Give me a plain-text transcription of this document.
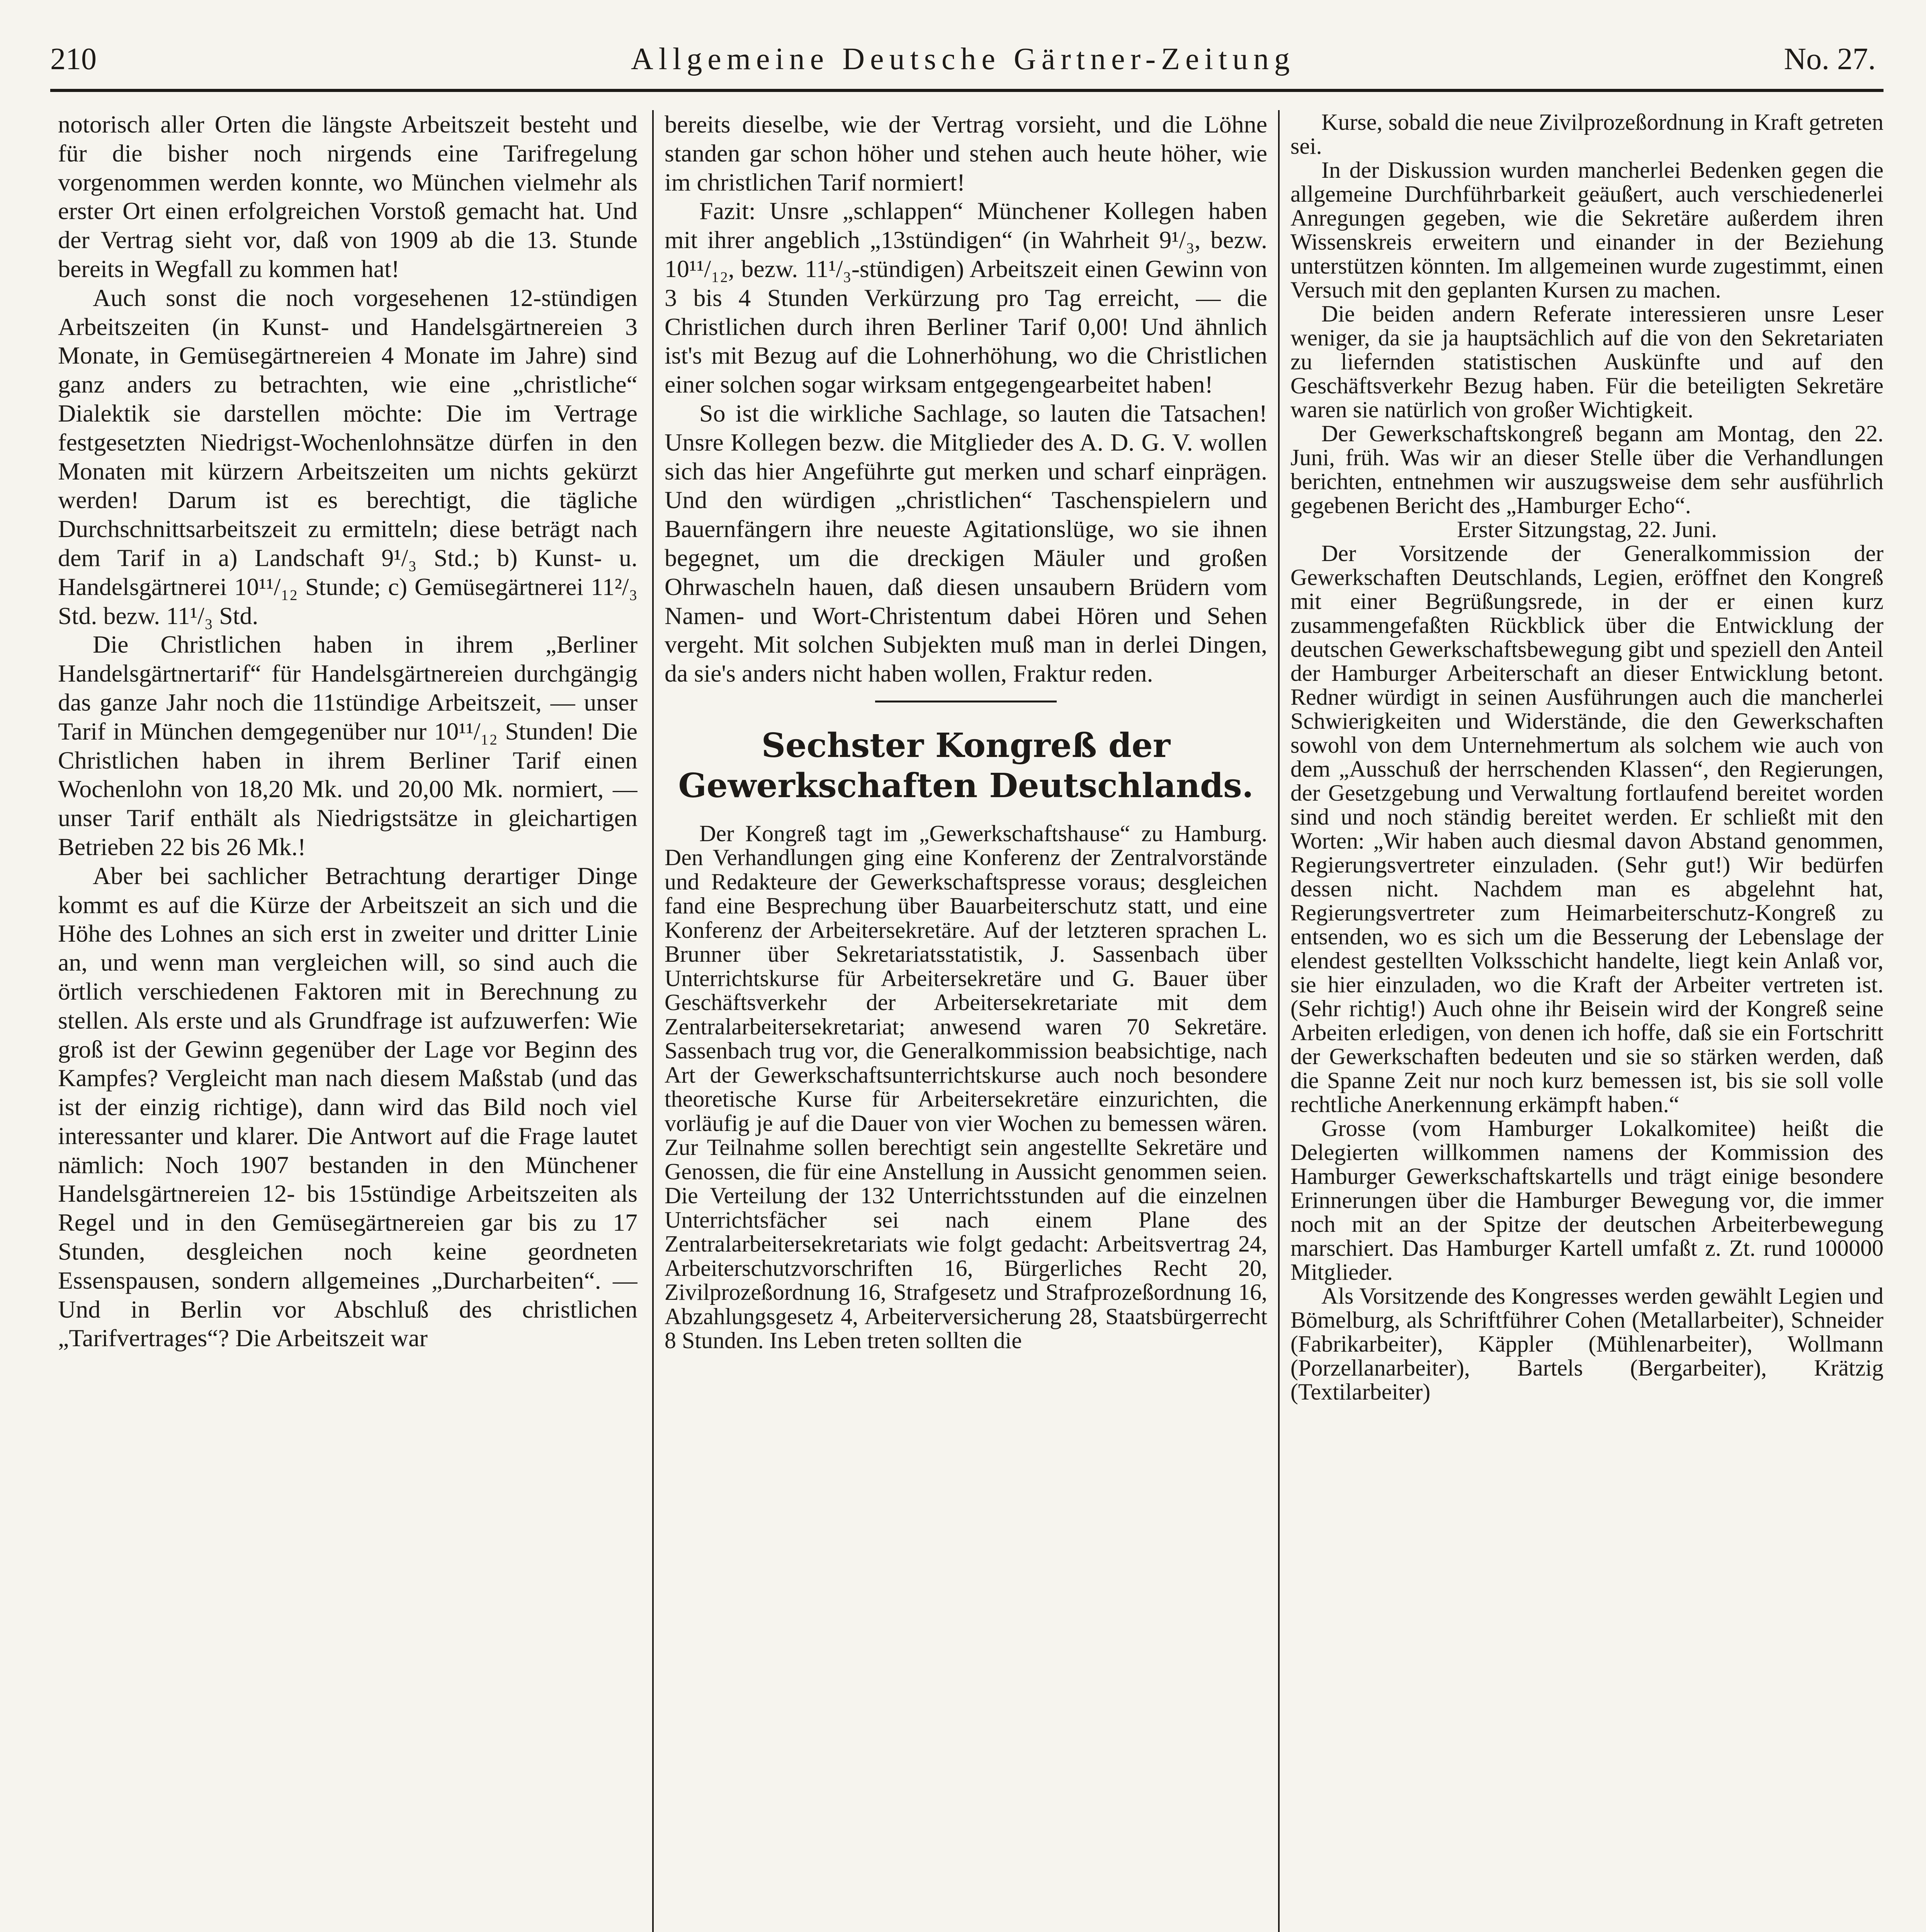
210	Allgemeine Deutsche Gärtner-Zeitung	No. 27.

notorisch aller Orten die längste Arbeitszeit besteht und für die bisher noch nirgends eine Tarifregelung vorgenommen werden konnte, wo München vielmehr als erster Ort einen erfolgreichen Vorstoß gemacht hat. Und der Vertrag sieht vor, daß von 1909 ab die 13. Stunde bereits in Wegfall zu kommen hat!

Auch sonst die noch vorgesehenen 12-stündigen Arbeitszeiten (in Kunst- und Handelsgärtnereien 3 Monate, in Gemüsegärtnereien 4 Monate im Jahre) sind ganz anders zu betrachten, wie eine „christliche“ Dialektik sie darstellen möchte: Die im Vertrage festgesetzten Niedrigst-Wochenlohnsätze dürfen in den Monaten mit kürzern Arbeitszeiten um nichts gekürzt werden! Darum ist es berechtigt, die tägliche Durchschnittsarbeitszeit zu ermitteln; diese beträgt nach dem Tarif in a) Landschaft 9¹/₃ Std.; b) Kunst- u. Handelsgärtnerei 10¹¹/₁₂ Stunde; c) Gemüsegärtnerei 11²/₃ Std. bezw. 11¹/₃ Std.

Die Christlichen haben in ihrem „Berliner Handelsgärtnertarif“ für Handelsgärtnereien durchgängig das ganze Jahr noch die 11stündige Arbeitszeit, — unser Tarif in München demgegenüber nur 10¹¹/₁₂ Stunden! Die Christlichen haben in ihrem Berliner Tarif einen Wochenlohn von 18,20 Mk. und 20,00 Mk. normiert, — unser Tarif enthält als Niedrigstsätze in gleichartigen Betrieben 22 bis 26 Mk.!

Aber bei sachlicher Betrachtung derartiger Dinge kommt es auf die Kürze der Arbeitszeit an sich und die Höhe des Lohnes an sich erst in zweiter und dritter Linie an, und wenn man vergleichen will, so sind auch die örtlich verschiedenen Faktoren mit in Berechnung zu stellen. Als erste und als Grundfrage ist aufzuwerfen: Wie groß ist der Gewinn gegenüber der Lage vor Beginn des Kampfes? Vergleicht man nach diesem Maßstab (und das ist der einzig richtige), dann wird das Bild noch viel interessanter und klarer. Die Antwort auf die Frage lautet nämlich: Noch 1907 bestanden in den Münchener Handelsgärtnereien 12- bis 15stündige Arbeitszeiten als Regel und in den Gemüsegärtnereien gar bis zu 17 Stunden, desgleichen noch keine geordneten Essenspausen, sondern allgemeines „Durcharbeiten“. — Und in Berlin vor Abschluß des christlichen „Tarifvertrages“? Die Arbeitszeit war

bereits dieselbe, wie der Vertrag vorsieht, und die Löhne standen gar schon höher und stehen auch heute höher, wie im christlichen Tarif normiert!

Fazit: Unsre „schlappen“ Münchener Kollegen haben mit ihrer angeblich „13stündigen“ (in Wahrheit 9¹/₃, bezw. 10¹¹/₁₂, bezw. 11¹/₃-stündigen) Arbeitszeit einen Gewinn von 3 bis 4 Stunden Verkürzung pro Tag erreicht, — die Christlichen durch ihren Berliner Tarif 0,00! Und ähnlich ist's mit Bezug auf die Lohnerhöhung, wo die Christlichen einer solchen sogar wirksam entgegengearbeitet haben!

So ist die wirkliche Sachlage, so lauten die Tatsachen! Unsre Kollegen bezw. die Mitglieder des A. D. G. V. wollen sich das hier Angeführte gut merken und scharf einprägen. Und den würdigen „christlichen“ Taschenspielern und Bauernfängern ihre neueste Agitationslüge, wo sie ihnen begegnet, um die dreckigen Mäuler und großen Ohrwascheln hauen, daß diesen unsaubern Brüdern vom Namen- und Wort-Christentum dabei Hören und Sehen vergeht. Mit solchen Subjekten muß man in derlei Dingen, da sie's anders nicht haben wollen, Fraktur reden.

Sechster Kongreß der Gewerkschaften Deutschlands.

Der Kongreß tagt im „Gewerkschaftshause“ zu Hamburg. Den Verhandlungen ging eine Konferenz der Zentralvorstände und Redakteure der Gewerkschaftspresse voraus; desgleichen fand eine Besprechung über Bauarbeiterschutz statt, und eine Konferenz der Arbeitersekretäre. Auf der letzteren sprachen L. Brunner über Sekretariatsstatistik, J. Sassenbach über Unterrichtskurse für Arbeitersekretäre und G. Bauer über Geschäftsverkehr der Arbeitersekretariate mit dem Zentralarbeitersekretariat; anwesend waren 70 Sekretäre. Sassenbach trug vor, die Generalkommission beabsichtige, nach Art der Gewerkschaftsunterrichtskurse auch noch besondere theoretische Kurse für Arbeitersekretäre einzurichten, die vorläufig je auf die Dauer von vier Wochen zu bemessen wären. Zur Teilnahme sollen berechtigt sein angestellte Sekretäre und Genossen, die für eine Anstellung in Aussicht genommen seien. Die Verteilung der 132 Unterrichtsstunden auf die einzelnen Unterrichtsfächer sei nach einem Plane des Zentralarbeitersekretariats wie folgt gedacht: Arbeitsvertrag 24, Arbeiterschutzvorschriften 16, Bürgerliches Recht 20, Zivilprozeßordnung 16, Strafgesetz und Strafprozeßordnung 16, Abzahlungsgesetz 4, Arbeiterversicherung 28, Staatsbürgerrecht 8 Stunden. Ins Leben treten sollten die

Kurse, sobald die neue Zivilprozeßordnung in Kraft getreten sei.

In der Diskussion wurden mancherlei Bedenken gegen die allgemeine Durchführbarkeit geäußert, auch verschiedenerlei Anregungen gegeben, wie die Sekretäre außerdem ihren Wissenskreis erweitern und einander in der Beziehung unterstützen könnten. Im allgemeinen wurde zugestimmt, einen Versuch mit den geplanten Kursen zu machen.

Die beiden andern Referate interessieren unsre Leser weniger, da sie ja hauptsächlich auf die von den Sekretariaten zu liefernden statistischen Auskünfte und auf den Geschäftsverkehr Bezug haben. Für die beteiligten Sekretäre waren sie natürlich von großer Wichtigkeit.

Der Gewerkschaftskongreß begann am Montag, den 22. Juni, früh. Was wir an dieser Stelle über die Verhandlungen berichten, entnehmen wir auszugsweise dem sehr ausführlich gegebenen Bericht des „Hamburger Echo“.

Erster Sitzungstag, 22. Juni.

Der Vorsitzende der Generalkommission der Gewerkschaften Deutschlands, Legien, eröffnet den Kongreß mit einer Begrüßungsrede, in der er einen kurz zusammengefaßten Rückblick über die Entwicklung der deutschen Gewerkschaftsbewegung gibt und speziell den Anteil der Hamburger Arbeiterschaft an dieser Entwicklung betont. Redner würdigt in seinen Ausführungen auch die mancherlei Schwierigkeiten und Widerstände, die den Gewerkschaften sowohl von dem Unternehmertum als solchem wie auch von dem „Ausschuß der herrschenden Klassen“, den Regierungen, der Gesetzgebung und Verwaltung fortlaufend bereitet worden sind und noch ständig bereitet werden. Er schließt mit den Worten: „Wir haben auch diesmal davon Abstand genommen, Regierungsvertreter einzuladen. (Sehr gut!) Wir bedürfen dessen nicht. Nachdem man es abgelehnt hat, Regierungsvertreter zum Heimarbeiterschutz-Kongreß zu entsenden, wo es sich um die Besserung der Lebenslage der elendest gestellten Volksschicht handelte, liegt kein Anlaß vor, sie hier einzuladen, wo die Kraft der Arbeiter vertreten ist. (Sehr richtig!) Auch ohne ihr Beisein wird der Kongreß seine Arbeiten erledigen, von denen ich hoffe, daß sie ein Fortschritt der Gewerkschaften bedeuten und sie so stärken werden, daß die Spanne Zeit nur noch kurz bemessen ist, bis sie soll volle rechtliche Anerkennung erkämpft haben.“

Grosse (vom Hamburger Lokalkomitee) heißt die Delegierten willkommen namens der Kommission des Hamburger Gewerkschaftskartells und trägt einige besondere Erinnerungen über die Hamburger Bewegung vor, die immer noch mit an der Spitze der deutschen Arbeiterbewegung marschiert. Das Hamburger Kartell umfaßt z. Zt. rund 100000 Mitglieder.

Als Vorsitzende des Kongresses werden gewählt Legien und Bömelburg, als Schriftführer Cohen (Metallarbeiter), Schneider (Fabrikarbeiter), Käppler (Mühlenarbeiter), Wollmann (Porzellanarbeiter), Bartels (Bergarbeiter), Krätzig (Textilarbeiter)
